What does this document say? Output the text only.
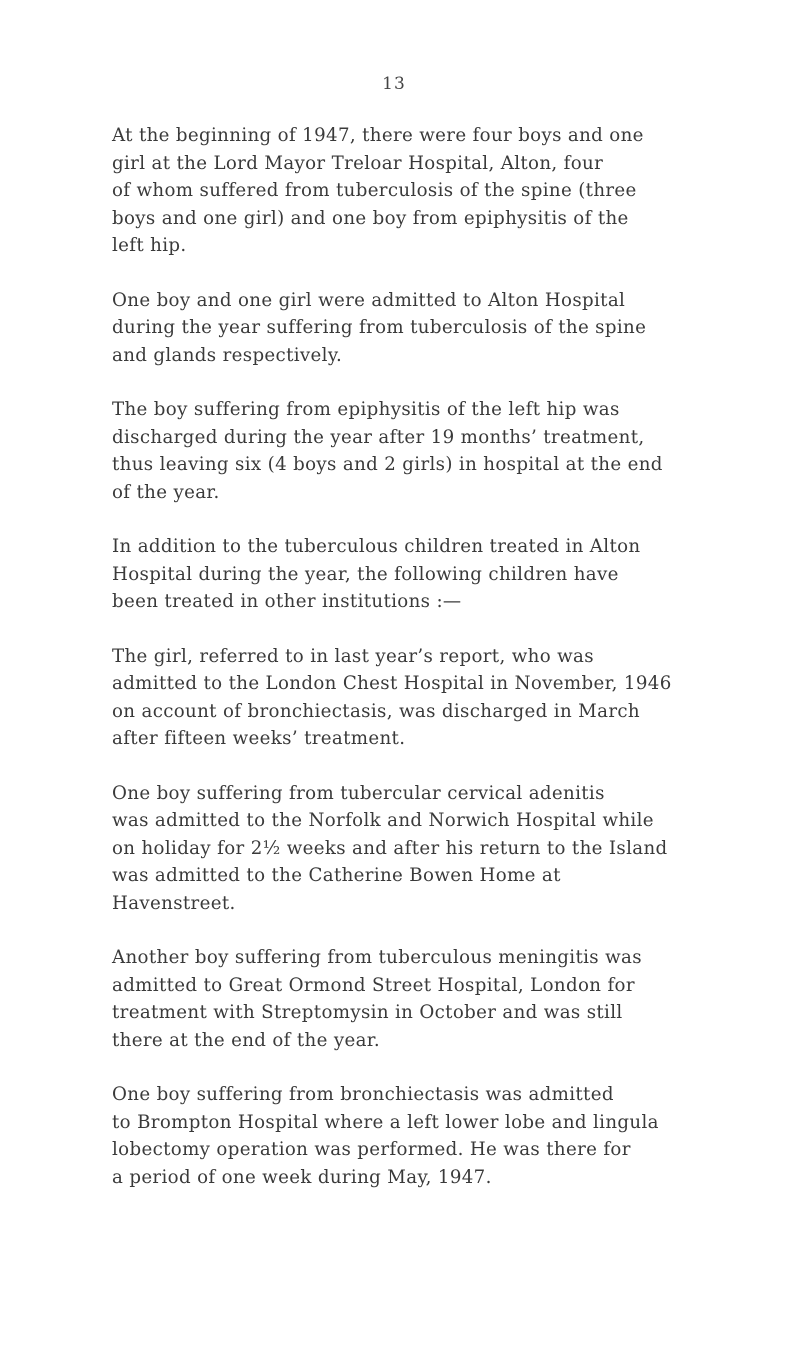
13

At the beginning of 1947, there were four boys and one
girl at the Lord Mayor Treloar Hospital, Alton, four
of whom suffered from tuberculosis of the spine (three
boys and one girl) and one boy from epiphysitis of the
left hip.

One boy and one girl were admitted to Alton Hospital
during the year suffering from tuberculosis of the spine
and glands respectively.

The boy suffering from epiphysitis of the left hip was
discharged during the year after 19 months’ treatment,
thus leaving six (4 boys and 2 girls) in hospital at the end
of the year.

In addition to the tuberculous children treated in Alton
Hospital during the year, the following children have
been treated in other institutions :—

The girl, referred to in last year’s report, who was
admitted to the London Chest Hospital in November, 1946
on account of bronchiectasis, was discharged in March
after fifteen weeks’ treatment.

One boy suffering from tubercular cervical adenitis
was admitted to the Norfolk and Norwich Hospital while
on holiday for 2½ weeks and after his return to the Island
was admitted to the Catherine Bowen Home at
Havenstreet.

Another boy suffering from tuberculous meningitis was
admitted to Great Ormond Street Hospital, London for
treatment with Streptomysin in October and was still
there at the end of the year.

One boy suffering from bronchiectasis was admitted
to Brompton Hospital where a left lower lobe and lingula
lobectomy operation was performed. He was there for
a period of one week during May, 1947.
